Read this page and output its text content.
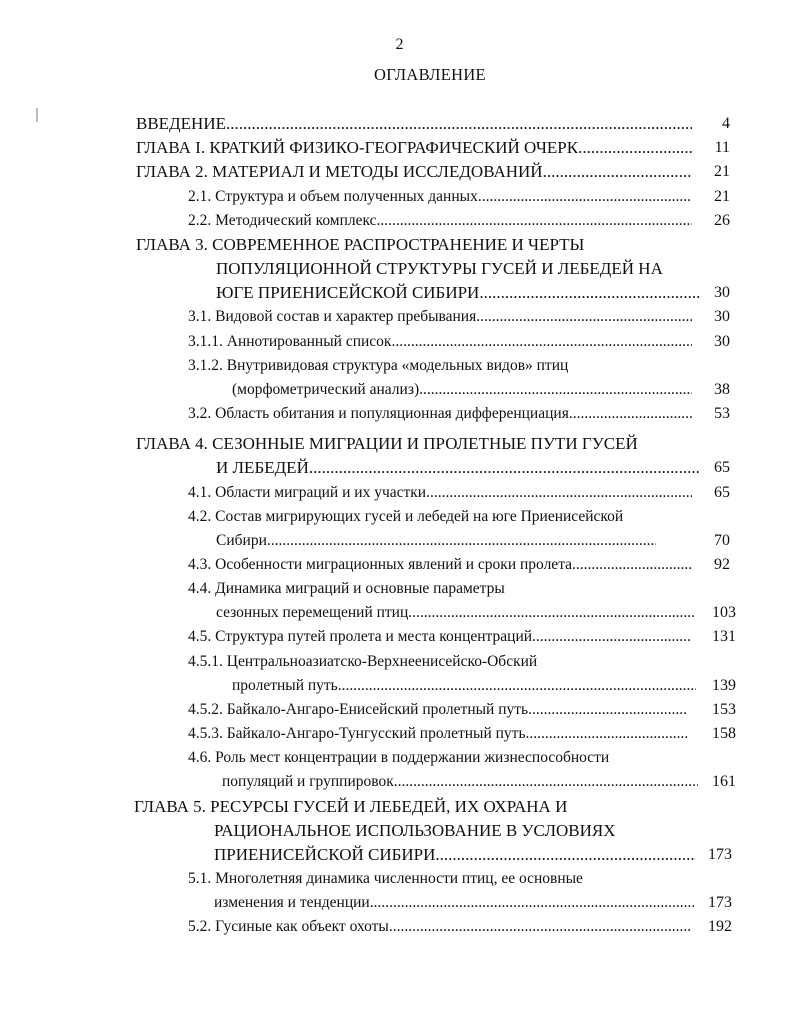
2
ОГЛАВЛЕНИЕ
ВВЕДЕНИЕ .....	4
ГЛАВА I. КРАТКИЙ ФИЗИКО-ГЕОГРАФИЧЕСКИЙ ОЧЕРК .....	11
ГЛАВА 2. МАТЕРИАЛ И МЕТОДЫ ИССЛЕДОВАНИЙ .....	21
2.1. Структура и объем полученных данных .....	21
2.2. Методический комплекс .....	26
ГЛАВА 3. СОВРЕМЕННОЕ РАСПРОСТРАНЕНИЕ И ЧЕРТЫ
ПОПУЛЯЦИОННОЙ СТРУКТУРЫ ГУСЕЙ И ЛЕБЕДЕЙ НА
ЮГЕ ПРИЕНИСЕЙСКОЙ СИБИРИ .....	30
3.1. Видовой состав и характер пребывания .....	30
3.1.1. Аннотированный список .....	30
3.1.2. Внутривидовая структура «модельных видов» птиц
(морфометрический анализ) .....	38
3.2. Область обитания и популяционная дифференциация .....	53
ГЛАВА 4. СЕЗОННЫЕ МИГРАЦИИ И ПРОЛЕТНЫЕ ПУТИ ГУСЕЙ
И ЛЕБЕДЕЙ .....	65
4.1. Области миграций и их участки .....	65
4.2. Состав мигрирующих гусей и лебедей на юге Приенисейской
Сибири .....	70
4.3. Особенности миграционных явлений и сроки пролета .....	92
4.4. Динамика миграций и основные параметры
сезонных перемещений птиц .....	103
4.5. Структура путей пролета и места концентраций .....	131
4.5.1. Центральноазиатско-Верхнеенисейско-Обский
пролетный путь .....	139
4.5.2. Байкало-Ангаро-Енисейский пролетный путь .....	153
4.5.3. Байкало-Ангаро-Тунгусский пролетный путь .....	158
4.6. Роль мест концентрации в поддержании жизнеспособности
популяций и группировок .....	161
ГЛАВА 5. РЕСУРСЫ ГУСЕЙ И ЛЕБЕДЕЙ, ИХ ОХРАНА И
РАЦИОНАЛЬНОЕ ИСПОЛЬЗОВАНИЕ В УСЛОВИЯХ
ПРИЕНИСЕЙСКОЙ СИБИРИ .....	173
5.1. Многолетняя динамика численности птиц, ее основные
изменения и тенденции .....	173
5.2. Гусиные как объект охоты .....	192
